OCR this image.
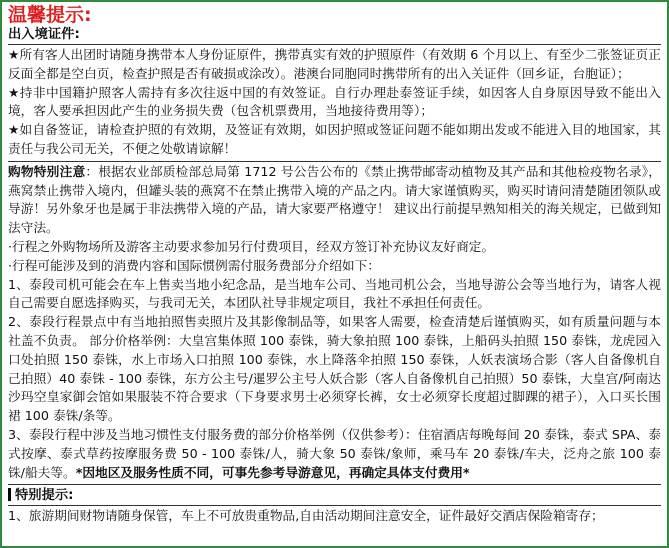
温馨提示:
出入境证件:

★所有客人出团时请随身携带本人身份证原件，携带真实有效的护照原件（有效期 6 个月以上、有至少二张签证页正反面全都是空白页，检查护照是否有破损或涂改）。港澳台同胞同时携带所有的出入关证件（回乡证，台胞证）；

★持非中国籍护照客人需持有多次往返中国的有效签证。自行办理赴泰签证手续，如因客人自身原因导致不能出入境，客人要承担因此产生的业务损失费（包含机票费用，当地接待费用等）；

★如自备签证，请检查护照的有效期，及签证有效期，如因护照或签证问题不能如期出发或不能进入目的地国家，其责任与我公司无关，不便之处敬请谅解！

购物特别注意：根据农业部质检部总局第 1712 号公告公布的《禁止携带邮寄动植物及其产品和其他检疫物名录》，燕窝禁止携带入境内，但罐头装的燕窝不在禁止携带入境的产品之内。请大家谨慎购买，购买时请问清楚随团领队或导游！另外象牙也是属于非法携带入境的产品，请大家要严格遵守！ 建议出行前提早熟知相关的海关规定，已做到知法守法。

·行程之外购物场所及游客主动要求参加另行付费项目，经双方签订补充协议友好商定。

·行程可能涉及到的消费内容和国际惯例需付服务费部分介绍如下：

1、泰段司机可能会在车上售卖当地小纪念品，是当地车公司、当地司机公会，当地导游公会等当地行为，请客人视自己需要自愿选择购买，与我司无关，本团队社导非规定项目，我社不承担任何责任。

2、泰段行程景点中有当地拍照售卖照片及其影像制品等，如果客人需要，检查清楚后谨慎购买，如有质量问题与本社盖不负责。 部分价格举例：大皇宫集体照 100 泰铢，骑大象拍照 100 泰铢，上船码头拍照 150 泰铢，龙虎园入口处拍照 150 泰铢，水上市场入口拍照 100 泰铢，水上降落伞拍照 150 泰铢，人妖表演场合影（客人自备像机自己拍照）40 泰铢 - 100 泰铢，东方公主号/暹罗公主号人妖合影（客人自备像机自己拍照）50 泰铢，大皇宫/阿南达沙玛空皇家御会馆如果服装不符合要求（下身要求男士必须穿长裤，女士必须穿长度超过脚踝的裙子），入口买长围裙 100 泰铢/条等。

3、泰段行程中涉及当地习惯性支付服务费的部分价格举例（仅供参考）：住宿酒店每晚每间 20 泰铢，泰式 SPA、泰式按摩、泰式草药按摩服务费 50 - 100 泰铢/人，骑大象 50 泰铢/象师，乘马车 20 泰铢/车夫，泛舟之旅 100 泰铢/船夫等。*因地区及服务性质不同，可事先参考导游意见，再确定具体支付费用*

特别提示:

1、旅游期间财物请随身保管，车上不可放贵重物品,自由活动期间注意安全，证件最好交酒店保险箱寄存；
